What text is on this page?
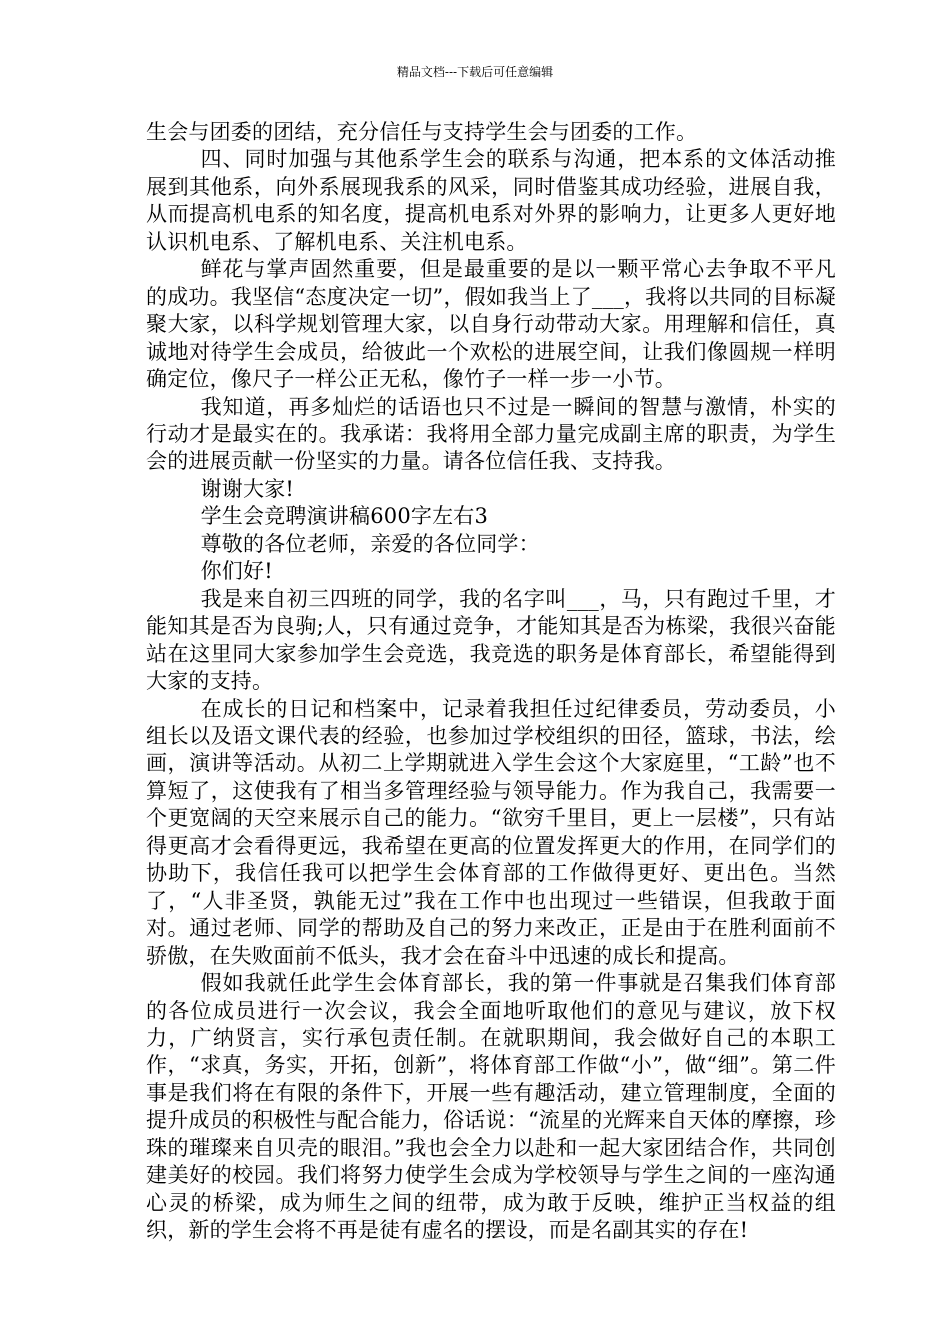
精品文档---下载后可任意编辑

生会与团委的团结，充分信任与支持学生会与团委的工作。

四、同时加强与其他系学生会的联系与沟通，把本系的文体活动推展到其他系，向外系展现我系的风采，同时借鉴其成功经验，进展自我，从而提高机电系的知名度，提高机电系对外界的影响力，让更多人更好地认识机电系、了解机电系、关注机电系。

鲜花与掌声固然重要，但是最重要的是以一颗平常心去争取不平凡的成功。我坚信“态度决定一切”，假如我当上了___，我将以共同的目标凝聚大家，以科学规划管理大家，以自身行动带动大家。用理解和信任，真诚地对待学生会成员，给彼此一个欢松的进展空间，让我们像圆规一样明确定位，像尺子一样公正无私，像竹子一样一步一小节。

我知道，再多灿烂的话语也只不过是一瞬间的智慧与激情，朴实的行动才是最实在的。我承诺：我将用全部力量完成副主席的职责，为学生会的进展贡献一份坚实的力量。请各位信任我、支持我。

谢谢大家!

学生会竞聘演讲稿600字左右3

尊敬的各位老师，亲爱的各位同学：

你们好!

我是来自初三四班的同学，我的名字叫___，马，只有跑过千里，才能知其是否为良驹;人，只有通过竞争，才能知其是否为栋梁，我很兴奋能站在这里同大家参加学生会竞选，我竞选的职务是体育部长，希望能得到大家的支持。

在成长的日记和档案中，记录着我担任过纪律委员，劳动委员，小组长以及语文课代表的经验，也参加过学校组织的田径，篮球，书法，绘画，演讲等活动。从初二上学期就进入学生会这个大家庭里，“工龄”也不算短了，这使我有了相当多管理经验与领导能力。作为我自己，我需要一个更宽阔的天空来展示自己的能力。“欲穷千里目，更上一层楼”，只有站得更高才会看得更远，我希望在更高的位置发挥更大的作用，在同学们的协助下，我信任我可以把学生会体育部的工作做得更好、更出色。当然了，“人非圣贤，孰能无过”我在工作中也出现过一些错误，但我敢于面对。通过老师、同学的帮助及自己的努力来改正，正是由于在胜利面前不骄傲，在失败面前不低头，我才会在奋斗中迅速的成长和提高。

假如我就任此学生会体育部长，我的第一件事就是召集我们体育部的各位成员进行一次会议，我会全面地听取他们的意见与建议，放下权力，广纳贤言，实行承包责任制。在就职期间，我会做好自己的本职工作，“求真，务实，开拓，创新”，将体育部工作做“小”，做“细”。第二件事是我们将在有限的条件下，开展一些有趣活动，建立管理制度，全面的提升成员的积极性与配合能力，俗话说：“流星的光辉来自天体的摩擦，珍珠的璀璨来自贝壳的眼泪。”我也会全力以赴和一起大家团结合作，共同创建美好的校园。我们将努力使学生会成为学校领导与学生之间的一座沟通心灵的桥梁，成为师生之间的纽带，成为敢于反映，维护正当权益的组织，新的学生会将不再是徒有虚名的摆设，而是名副其实的存在!
